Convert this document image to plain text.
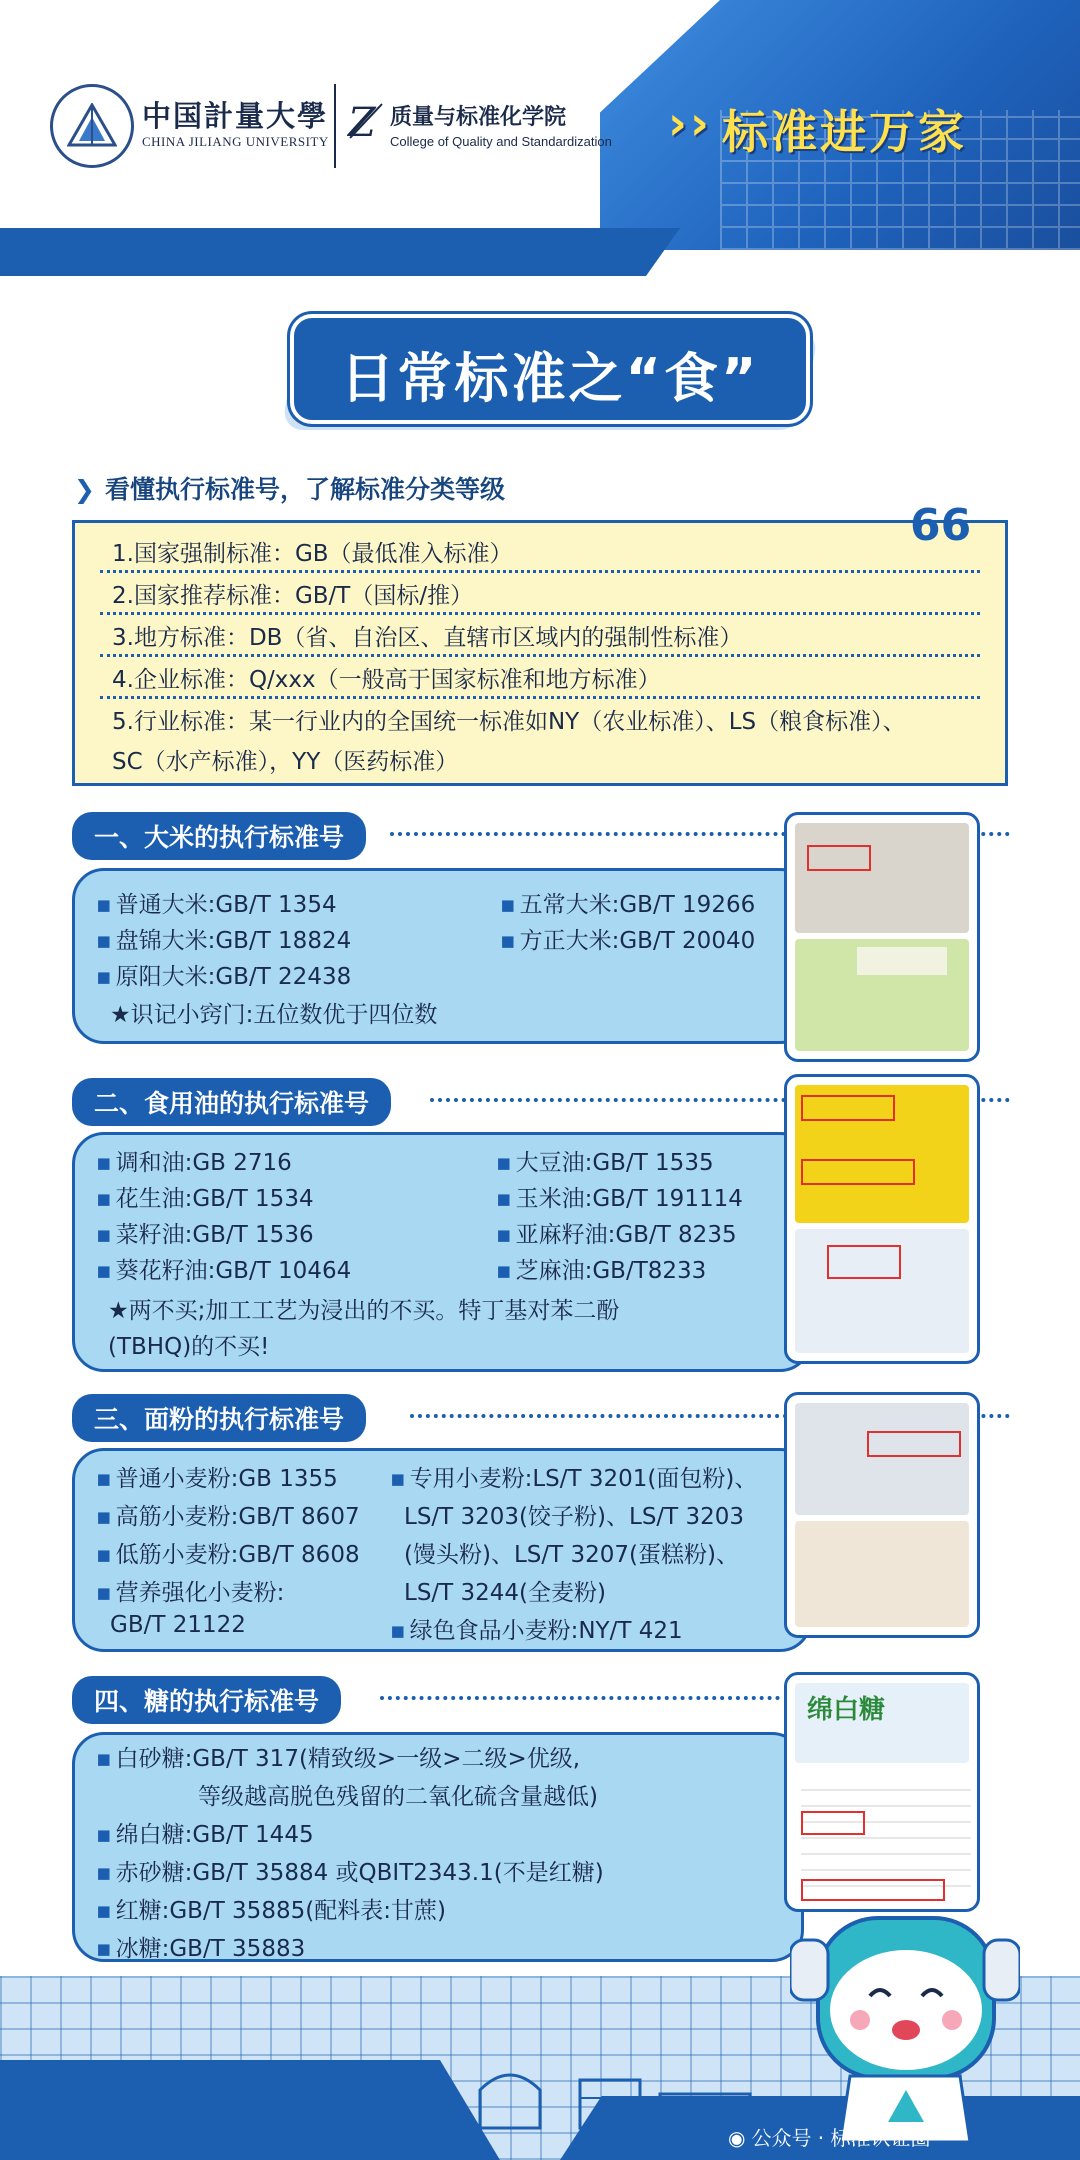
中国計量大學
CHINA JILIANG UNIVERSITY Z 质量与标准化学院
College of Quality and Standardization ›› 标准进万家
日常标准之“食”
❯ 看懂执行标准号，了解标准分类等级
66
1.国家强制标准：GB（最低准入标准）
2.国家推荐标准：GB/T（国标/推）
3.地方标准：DB（省、自治区、直辖市区域内的强制性标准）
4.企业标准：Q/xxx（一般高于国家标准和地方标准）
5.行业标准：某一行业内的全国统一标准如NY（农业标准）、LS（粮食标准）、
SC（水产标准），YY（医药标准）
一、大米的执行标准号
▪ 普通大米:GB/T 1354
▪ 盘锦大米:GB/T 18824
▪ 原阳大米:GB/T 22438
▪ 五常大米:GB/T 19266
▪ 方正大米:GB/T 20040
★识记小窍门:五位数优于四位数
二、食用油的执行标准号
▪ 调和油:GB 2716
▪ 花生油:GB/T 1534
▪ 菜籽油:GB/T 1536
▪ 葵花籽油:GB/T 10464
▪ 大豆油:GB/T 1535
▪ 玉米油:GB/T 191114
▪ 亚麻籽油:GB/T 8235
▪ 芝麻油:GB/T8233
★两不买;加工工艺为浸出的不买。特丁基对苯二酚
(TBHQ)的不买!
三、面粉的执行标准号
▪ 普通小麦粉:GB 1355
▪ 高筋小麦粉:GB/T 8607
▪ 低筋小麦粉:GB/T 8608
▪ 营养强化小麦粉:
GB/T 21122
▪ 专用小麦粉:LS/T 3201(面包粉)、
LS/T 3203(饺子粉)、LS/T 3203
(馒头粉)、LS/T 3207(蛋糕粉)、
LS/T 3244(全麦粉)
▪ 绿色食品小麦粉:NY/T 421
四、糖的执行标准号
▪ 白砂糖:GB/T 317(精致级>一级>二级>优级,
等级越高脱色残留的二氧化硫含量越低)
▪ 绵白糖:GB/T 1445
▪ 赤砂糖:GB/T 35884 或QBIT2343.1(不是红糖)
▪ 红糖:GB/T 35885(配料表:甘蔗)
▪ 冰糖:GB/T 35883
绵白糖
◉ 公众号 · 标准认证圈
